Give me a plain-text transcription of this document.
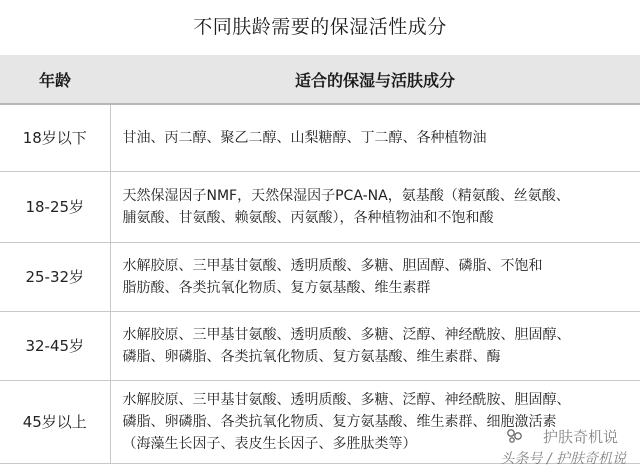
不同肤龄需要的保湿活性成分
年龄	适合的保湿与活肤成分
18岁以下	甘油、丙二醇、聚乙二醇、山梨糖醇、丁二醇、各种植物油

18-25岁	天然保湿因子NMF，天然保湿因子PCA-NA，氨基酸（精氨酸、丝氨酸、
脯氨酸、甘氨酸、赖氨酸、丙氨酸），各种植物油和不饱和酸

25-32岁	水解胶原、三甲基甘氨酸、透明质酸、多糖、胆固醇、磷脂、不饱和
脂肪酸、各类抗氧化物质、复方氨基酸、维生素群

32-45岁	水解胶原、三甲基甘氨酸、透明质酸、多糖、泛醇、神经酰胺、胆固醇、
磷脂、卵磷脂、各类抗氧化物质、复方氨基酸、维生素群、酶

45岁以上	水解胶原、三甲基甘氨酸、透明质酸、多糖、泛醇、神经酰胺、胆固醇、
磷脂、卵磷脂、各类抗氧化物质、复方氨基酸、维生素群、细胞激活素
（海藻生长因子、表皮生长因子、多胜肽类等）	护肤奇机说
头条号 / 护肤奇机说
